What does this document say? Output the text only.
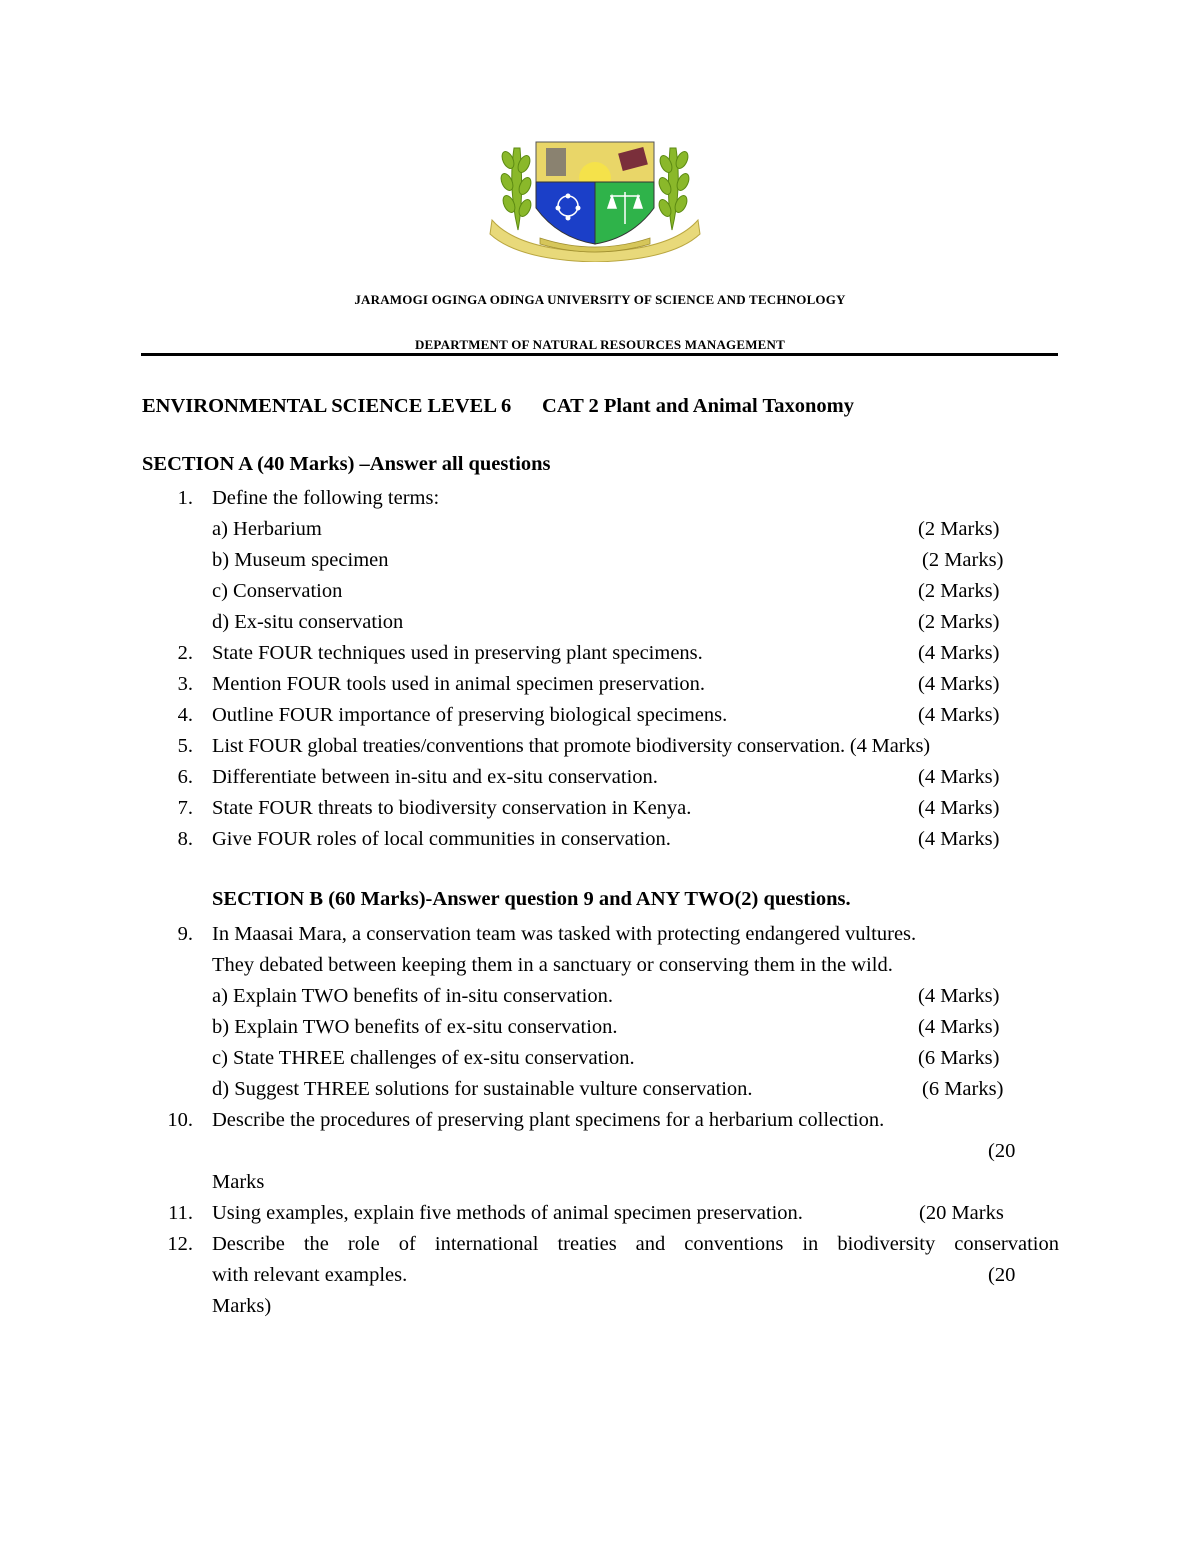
JARAMOGI OGINGA ODINGA UNIVERSITY OF SCIENCE AND TECHNOLOGY
DEPARTMENT OF NATURAL RESOURCES MANAGEMENT
ENVIRONMENTAL SCIENCE LEVEL 6      CAT 2 Plant and Animal Taxonomy
SECTION A (40 Marks) –Answer all questions
1. Define the following terms:
a) Herbarium	(2 Marks)
b) Museum specimen	(2 Marks)
c) Conservation	(2 Marks)
d) Ex-situ conservation	(2 Marks)
2. State FOUR techniques used in preserving plant specimens.	(4 Marks)
3. Mention FOUR tools used in animal specimen preservation.	(4 Marks)
4. Outline FOUR importance of preserving biological specimens.	(4 Marks)
5. List FOUR global treaties/conventions that promote biodiversity conservation. (4 Marks)
6. Differentiate between in-situ and ex-situ conservation.	(4 Marks)
7. State FOUR threats to biodiversity conservation in Kenya.	(4 Marks)
8. Give FOUR roles of local communities in conservation.	(4 Marks)
SECTION B (60 Marks)-Answer question 9 and ANY TWO(2) questions.
9. In Maasai Mara, a conservation team was tasked with protecting endangered vultures.
They debated between keeping them in a sanctuary or conserving them in the wild.
a) Explain TWO benefits of in-situ conservation.	(4 Marks)
b) Explain TWO benefits of ex-situ conservation.	(4 Marks)
c) State THREE challenges of ex-situ conservation.	(6 Marks)
d) Suggest THREE solutions for sustainable vulture conservation.	(6 Marks)
10. Describe the procedures of preserving plant specimens for a herbarium collection.
(20
Marks
11. Using examples, explain five methods of animal specimen preservation.	(20 Marks
12. Describe the role of international treaties and conventions in biodiversity conservation
with relevant examples.	(20
Marks)
